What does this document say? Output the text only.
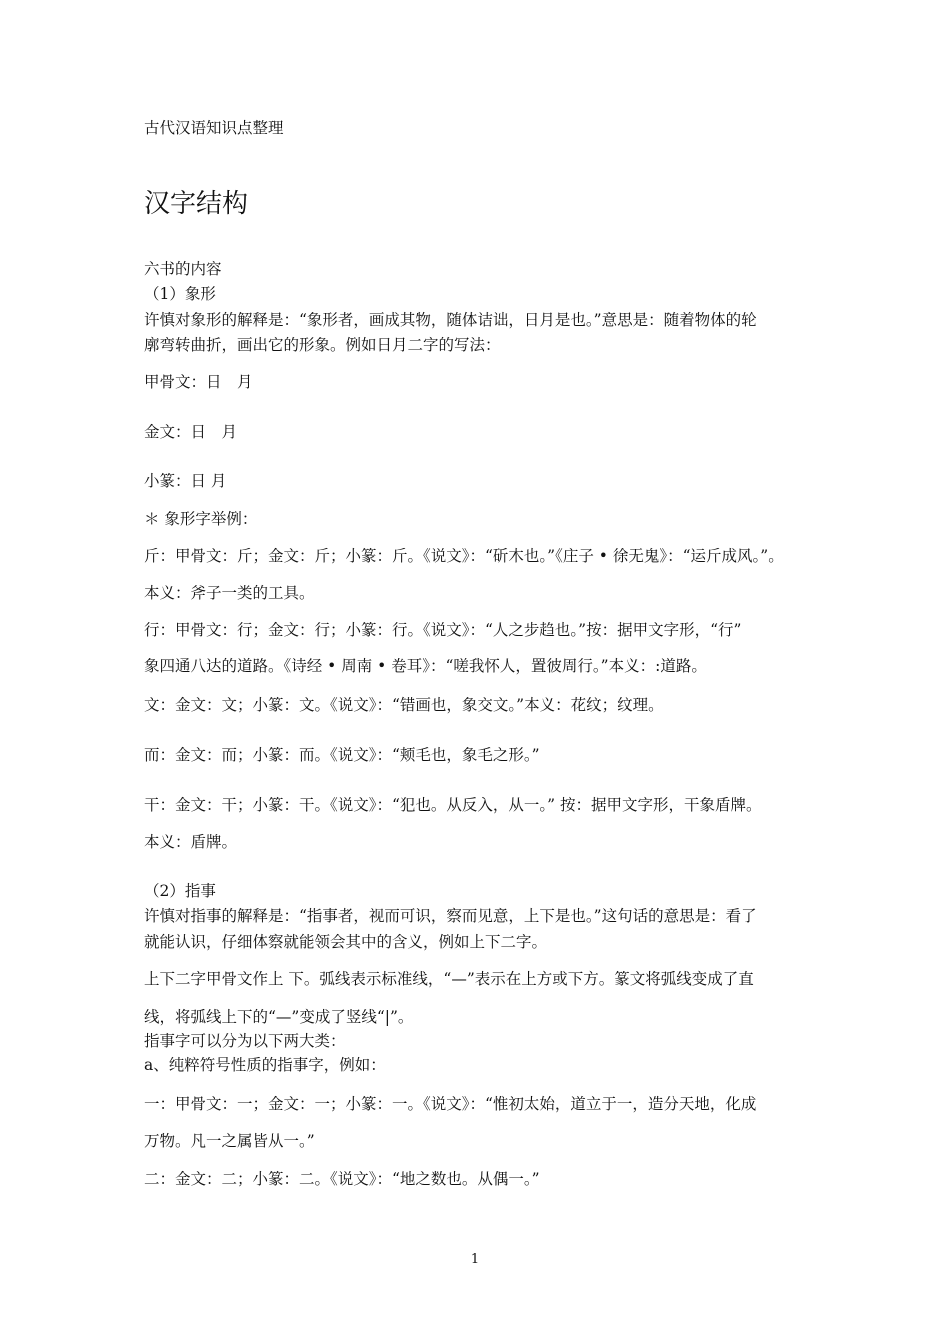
古代汉语知识点整理
汉字结构
六书的内容
（1）象形
许慎对象形的解释是：“象形者，画成其物，随体诘诎，日月是也。”意思是：随着物体的轮
廓弯转曲折，画出它的形象。例如日月二字的写法：
甲骨文：日　月
金文：日　月
小篆：日 月
＊ 象形字举例：
斤：甲骨文：斤；金文：斤；小篆：斤。《说文》：“斫木也。”《庄子 • 徐无鬼》：“运斤成风。”。
本义：斧子一类的工具。
行：甲骨文：行；金文：行；小篆：行。《说文》：“人之步趋也。”按：据甲文字形，“行”
象四通八达的道路。《诗经 • 周南 • 卷耳》：“嗟我怀人，置彼周行。”本义：:道路。
文：金文：文；小篆：文。《说文》：“错画也，象交文。”本义：花纹；纹理。
而：金文：而；小篆：而。《说文》：“颊毛也，象毛之形。”
干：金文：干；小篆：干。《说文》：“犯也。从反入，从一。” 按：据甲文字形，干象盾牌。
本义：盾牌。
（2）指事
许慎对指事的解释是：“指事者，视而可识，察而见意，上下是也。”这句话的意思是：看了
就能认识，仔细体察就能领会其中的含义，例如上下二字。
上下二字甲骨文作上 下。弧线表示标准线，“—”表示在上方或下方。篆文将弧线变成了直
线，将弧线上下的“—”变成了竖线“|”。
指事字可以分为以下两大类：
a、纯粹符号性质的指事字，例如：
一：甲骨文：一；金文：一；小篆：一。《说文》：“惟初太始，道立于一，造分天地，化成
万物。凡一之属皆从一。”
二：金文：二；小篆：二。《说文》：“地之数也。从偶一。”
1
